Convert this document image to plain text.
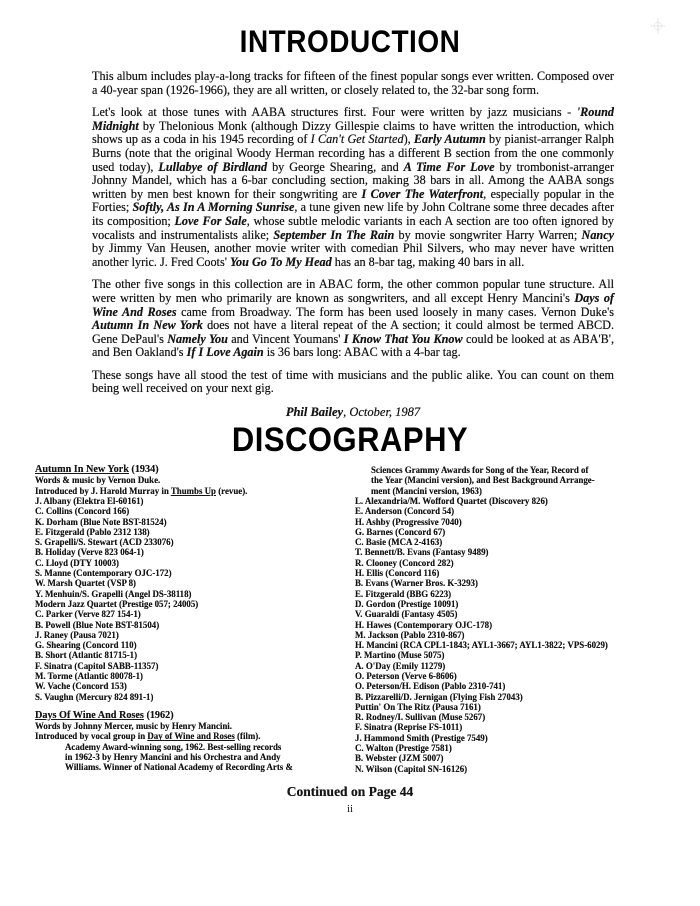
INTRODUCTION

This album includes play-a-long tracks for fifteen of the finest popular songs ever written. Composed over a 40-year span (1926-1966), they are all written, or closely related to, the 32-bar song form.

Let's look at those tunes with AABA structures first. Four were written by jazz musicians - 'Round Midnight by Thelonious Monk (although Dizzy Gillespie claims to have written the introduction, which shows up as a coda in his 1945 recording of I Can't Get Started), Early Autumn by pianist-arranger Ralph Burns (note that the original Woody Herman recording has a different B section from the one commonly used today), Lullabye of Birdland by George Shearing, and A Time For Love by trombonist-arranger Johnny Mandel, which has a 6-bar concluding section, making 38 bars in all. Among the AABA songs written by men best known for their songwriting are I Cover The Waterfront, especially popular in the Forties; Softly, As In A Morning Sunrise, a tune given new life by John Coltrane some three decades after its composition; Love For Sale, whose subtle melodic variants in each A section are too often ignored by vocalists and instrumentalists alike; September In The Rain by movie songwriter Harry Warren; Nancy by Jimmy Van Heusen, another movie writer with comedian Phil Silvers, who may never have written another lyric. J. Fred Coots' You Go To My Head has an 8-bar tag, making 40 bars in all.

The other five songs in this collection are in ABAC form, the other common popular tune structure. All were written by men who primarily are known as songwriters, and all except Henry Mancini's Days of Wine And Roses came from Broadway. The form has been used loosely in many cases. Vernon Duke's Autumn In New York does not have a literal repeat of the A section; it could almost be termed ABCD. Gene DePaul's Namely You and Vincent Youmans' I Know That You Know could be looked at as ABA'B', and Ben Oakland's If I Love Again is 36 bars long: ABAC with a 4-bar tag.

These songs have all stood the test of time with musicians and the public alike. You can count on them being well received on your next gig.

Phil Bailey, October, 1987
DISCOGRAPHY
Autumn In New York (1934)
Words & music by Vernon Duke.
Introduced by J. Harold Murray in Thumbs Up (revue).
J. Albany (Elektra El-60161)
C. Collins (Concord 166)
K. Dorham (Blue Note BST-81524)
E. Fitzgerald (Pablo 2312 138)
S. Grapelli/S. Stewart (ACD 233076)
B. Holiday (Verve 823 064-1)
C. Lloyd (DTY 10003)
S. Manne (Contemporary OJC-172)
W. Marsh Quartet (VSP 8)
Y. Menhuin/S. Grapelli (Angel DS-38118)
Modern Jazz Quartet (Prestige 057; 24005)
C. Parker (Verve 827 154-1)
B. Powell (Blue Note BST-81504)
J. Raney (Pausa 7021)
G. Shearing (Concord 110)
B. Short (Atlantic 81715-1)
F. Sinatra (Capitol SABB-11357)
M. Torme (Atlantic 80078-1)
W. Vache (Concord 153)
S. Vaughn (Mercury 824 891-1)
Days Of Wine And Roses (1962)
Words by Johnny Mercer, music by Henry Mancini.
Introduced by vocal group in Day of Wine and Roses (film).
Academy Award-winning song, 1962. Best-selling records
in 1962-3 by Henry Mancini and his Orchestra and Andy
Williams. Winner of National Academy of Recording Arts &
Sciences Grammy Awards for Song of the Year, Record of
the Year (Mancini version), and Best Background Arrange-
ment (Mancini version, 1963)
L. Alexandria/M. Wofford Quartet (Discovery 826)
E. Anderson (Concord 54)
H. Ashby (Progressive 7040)
G. Barnes (Concord 67)
C. Basie (MCA 2-4163)
T. Bennett/B. Evans (Fantasy 9489)
R. Clooney (Concord 282)
H. Ellis (Concord 116)
B. Evans (Warner Bros. K-3293)
E. Fitzgerald (BBG 6223)
D. Gordon (Prestige 10091)
V. Guaraldi (Fantasy 4505)
H. Hawes (Contemporary OJC-178)
M. Jackson (Pablo 2310-867)
H. Mancini (RCA CPL1-1843; AYL1-3667; AYL1-3822; VPS-6029)
P. Martino (Muse 5075)
A. O'Day (Emily 11279)
O. Peterson (Verve 6-8606)
O. Peterson/H. Edison (Pablo 2310-741)
B. Pizzarelli/D. Jernigan (Flying Fish 27043)
Puttin' On The Ritz (Pausa 7161)
R. Rodney/I. Sullivan (Muse 5267)
F. Sinatra (Reprise FS-1011)
J. Hammond Smith (Prestige 7549)
C. Walton (Prestige 7581)
B. Webster (JZM 5007)
N. Wilson (Capitol SN-16126)
Continued on Page 44
ii
